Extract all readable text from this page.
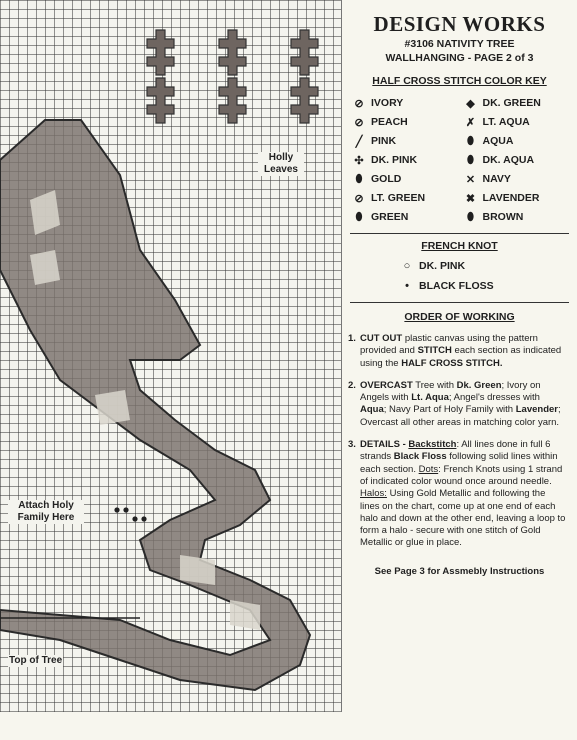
Holly Leaves
Attach Holy Family Here
Top of Tree
DESIGN WORKS
#3106 NATIVITY TREE
WALLHANGING - PAGE 2 of 3
HALF CROSS STITCH COLOR KEY
⊘ IVORY	◆ DK. GREEN
⊘ PEACH	✗ LT. AQUA
╱ PINK	⬮ AQUA
✣ DK. PINK	⬮ DK. AQUA
⬮ GOLD	✕ NAVY
⊘ LT. GREEN	✖ LAVENDER
⬮ GREEN	⬮ BROWN
FRENCH KNOT
○ DK. PINK
• BLACK FLOSS
ORDER OF WORKING
1. CUT OUT plastic canvas using the pattern provided and STITCH each section as indicated using the HALF CROSS STITCH.
2. OVERCAST Tree with Dk. Green; Ivory on Angels with Lt. Aqua; Angel's dresses with Aqua; Navy Part of Holy Family with Lavender; Overcast all other areas in matching color yarn.
3. DETAILS - Backstitch: All lines done in full 6 strands Black Floss following solid lines within each section. Dots: French Knots using 1 strand of indicated color wound once around needle. Halos: Using Gold Metallic and following the lines on the chart, come up at one end of each halo and down at the other end, leaving a loop to form a halo - secure with one stitch of Gold Metallic or glue in place.
See Page 3 for Assmebly Instructions
